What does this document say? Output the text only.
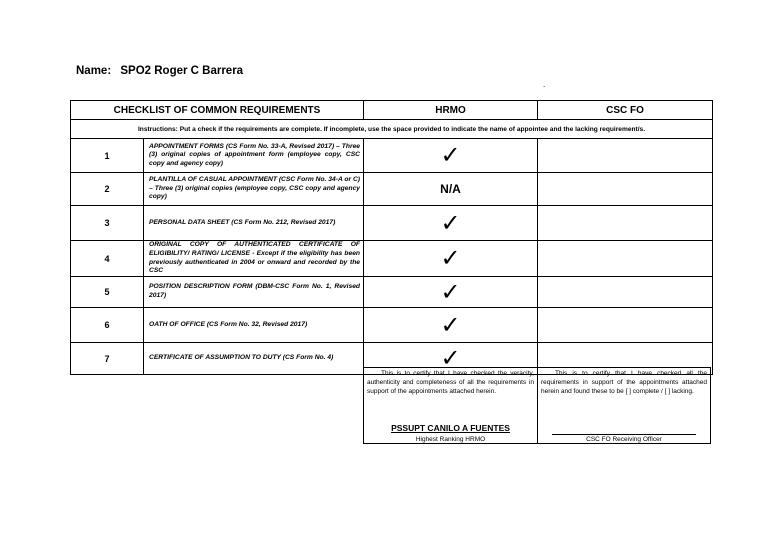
Name: SPO2 Roger C Barrera
.
CHECKLIST OF COMMON REQUIREMENTS		HRMO	CSC FO
Instructions: Put a check if the requirements are complete. If incomplete, use the space provided to indicate the name of appointee and the lacking requirement/s.			
1	APPOINTMENT FORMS (CS Form No. 33-A, Revised 2017) – Three (3) original copies of appointment form (employee copy, CSC copy and agency copy)	✓	
2	PLANTILLA OF CASUAL APPOINTMENT (CSC Form No. 34-A or C) – Three (3) original copies (employee copy, CSC copy and agency copy)	N/A	
3	PERSONAL DATA SHEET (CS Form No. 212, Revised 2017)	✓	
4	ORIGINAL COPY OF AUTHENTICATED CERTIFICATE OF ELIGIBILITY/ RATING/ LICENSE - Except if the eligibility has been previously authenticated in 2004 or onward and recorded by the CSC	✓	
5	POSITION DESCRIPTION FORM (DBM-CSC Form No. 1, Revised 2017)	✓	
6	OATH OF OFFICE (CS Form No. 32, Revised 2017)	✓	
7	CERTIFICATE OF ASSUMPTION TO DUTY (CS Form No. 4)	✓	
This is to certify that I have checked the veracity, authenticity and completeness of all the requirements in support of the appointments attached herein.
PSSUPT CANILO A FUENTES
Highest Ranking HRMO
This is to certify that I have checked all the requirements in support of the appointments attached herein and found these to be [ ] complete / [ ] lacking.
CSC FO Receiving Officer
